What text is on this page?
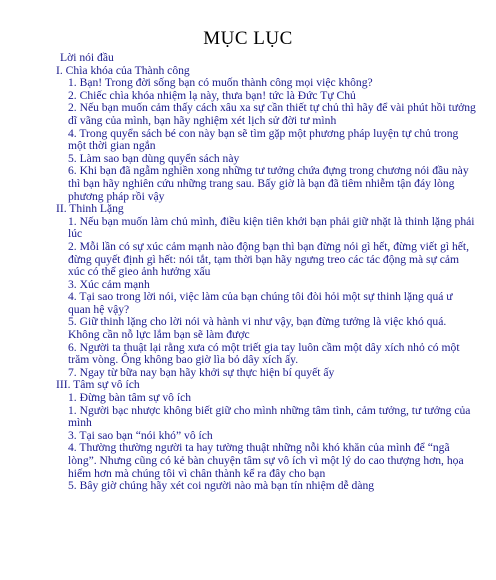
MỤC LỤC
Lời nói đầu
I. Chìa khóa của Thành công
1. Bạn! Trong đời sống bạn có muốn thành công mọi việc không?
2. Chiếc chìa khóa nhiệm lạ này, thưa bạn! tức là Đức Tự Chủ
2. Nếu bạn muốn cảm thấy cách xâu xa sự cần thiết tự chủ thì hãy để vài phút hồi tưởng dĩ vãng của mình, bạn hãy nghiệm xét lịch sử đời tư mình
4. Trong quyển sách bé con này bạn sẽ tìm gặp một phương pháp luyện tự chủ trong một thời gian ngắn
5. Làm sao bạn dùng quyển sách này
6. Khi bạn đã ngẫm nghiền xong những tư tưởng chứa đựng trong chương nói đầu này thì bạn hãy nghiên cứu những trang sau. Bấy giờ là bạn đã tiêm nhiễm tận đáy lòng phương pháp rồi vậy
II. Thinh Lặng
1. Nếu bạn muốn làm chủ mình, điều kiện tiên khởi bạn phải giữ nhặt là thinh lặng phải lúc
2. Mỗi lần có sự xúc cảm mạnh nào động bạn thì bạn đừng nói gì hết, đừng viết gì hết, đừng quyết định gì hết: nói tắt, tạm thời bạn hãy ngưng treo các tác động mà sự cảm xúc có thể gieo ảnh hưởng xấu
3. Xúc cảm mạnh
4. Tại sao trong lời nói, việc làm của bạn chúng tôi đòi hỏi một sự thinh lặng quá ư quan hệ vậy?
5. Giữ thinh lặng cho lời nói và hành vi như vậy, bạn đừng tưởng là việc khó quá. Không cần nỗ lực lắm bạn sẽ làm được
6. Người ta thuật lại rằng xưa có một triết gia tay luôn cầm một dây xích nhỏ có một trăm vòng. Ông không bao giờ lìa bỏ dây xích ấy.
7. Ngay từ bữa nay bạn hãy khởi sự thực hiện bí quyết ấy
III. Tâm sự vô ích
1. Đừng bàn tâm sự vô ích
1. Người bạc nhược không biết giữ cho mình những tâm tình, cảm tưởng, tư tưởng của mình
3. Tại sao bạn “nói khó” vô ích
4. Thường thường người ta hay tường thuật những nỗi khó khăn của mình để “ngã lòng”. Nhưng cũng có kẻ bàn chuyện tâm sự vô ích vì một lý do cao thượng hơn, họa hiếm hơn mà chúng tôi vì chân thành kể ra đây cho bạn
5. Bây giờ chúng hãy xét coi người nào mà bạn tín nhiệm dễ dàng
